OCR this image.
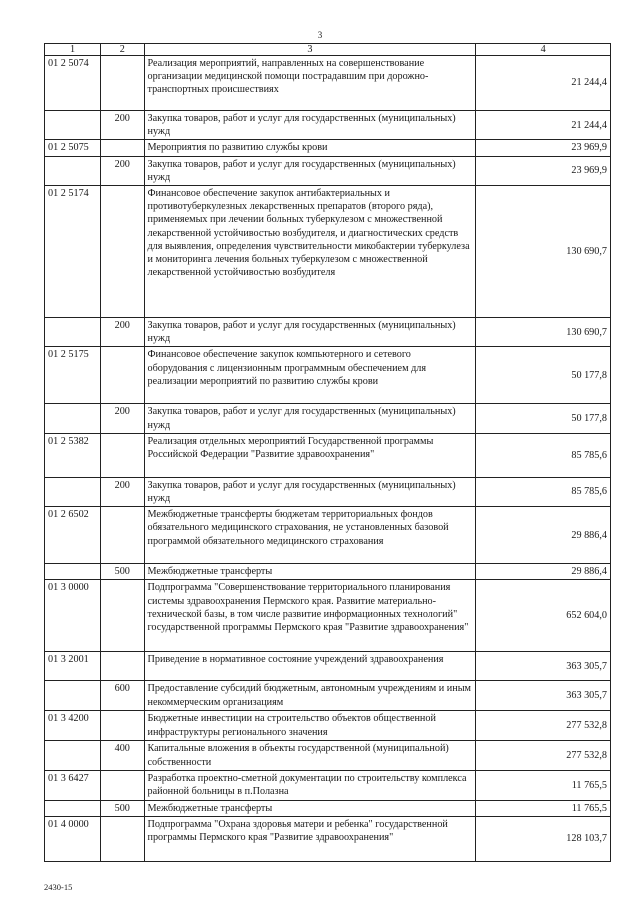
3
1	2	3	4
01 2 5074		Реализация мероприятий, направленных на совершенствование организации медицинской помощи пострадавшим при дорожно-транспортных происшествиях	21 244,4
	200	Закупка товаров, работ и услуг для государственных (муниципальных) нужд	21 244,4
01 2 5075		Мероприятия по развитию службы крови	23 969,9
	200	Закупка товаров, работ и услуг для государственных (муниципальных) нужд	23 969,9
01 2 5174		Финансовое обеспечение закупок антибактериальных и противотуберкулезных лекарственных препаратов (второго ряда), применяемых при лечении больных туберкулезом с множественной лекарственной устойчивостью возбудителя, и диагностических средств для выявления, определения чувствительности микобактерии туберкулеза и мониторинга лечения больных туберкулезом с множественной лекарственной устойчивостью возбудителя	130 690,7
	200	Закупка товаров, работ и услуг для государственных (муниципальных) нужд	130 690,7
01 2 5175		Финансовое обеспечение закупок компьютерного и сетевого оборудования с лицензионным программным обеспечением для реализации мероприятий по развитию службы крови	50 177,8
	200	Закупка товаров, работ и услуг для государственных (муниципальных) нужд	50 177,8
01 2 5382		Реализация отдельных мероприятий Государственной программы Российской Федерации "Развитие здравоохранения"	85 785,6
	200	Закупка товаров, работ и услуг для государственных (муниципальных) нужд	85 785,6
01 2 6502		Межбюджетные трансферты бюджетам территориальных фондов обязательного медицинского страхования, не установленных базовой программой обязательного медицинского страхования	29 886,4
	500	Межбюджетные трансферты	29 886,4
01 3 0000		Подпрограмма "Совершенствование территориального планирования системы здравоохранения Пермского края. Развитие материально-технической базы, в том числе развитие информационных технологий" государственной программы Пермского края "Развитие здравоохранения"	652 604,0
01 3 2001		Приведение в нормативное состояние учреждений здравоохранения	363 305,7
	600	Предоставление субсидий бюджетным, автономным учреждениям и иным некоммерческим организациям	363 305,7
01 3 4200		Бюджетные инвестиции на строительство объектов общественной инфраструктуры регионального значения	277 532,8
	400	Капитальные вложения в объекты государственной (муниципальной) собственности	277 532,8
01 3 6427		Разработка проектно-сметной документации по строительству комплекса районной больницы в п.Полазна	11 765,5
	500	Межбюджетные трансферты	11 765,5
01 4 0000		Подпрограмма "Охрана здоровья матери и ребенка" государственной программы Пермского края "Развитие здравоохранения"	128 103,7
2430-15
